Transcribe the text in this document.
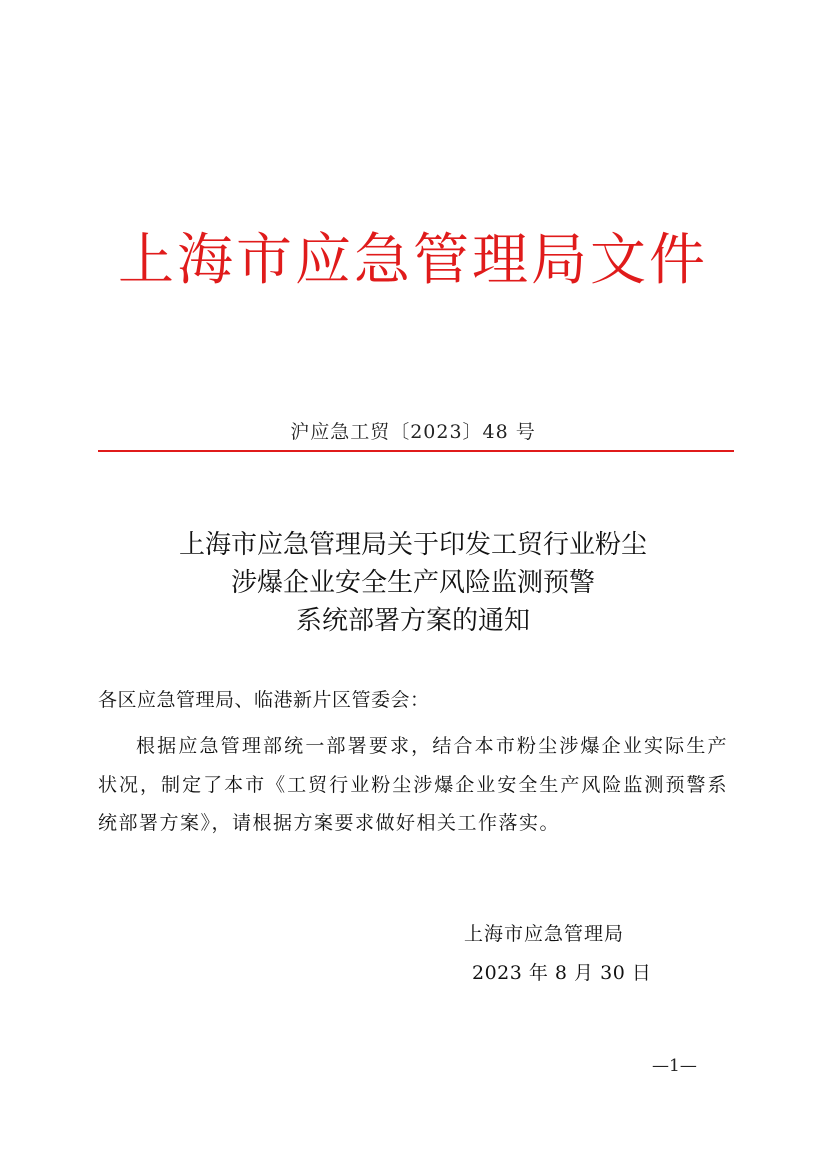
上海市应急管理局文件
沪应急工贸〔2023〕48 号
上海市应急管理局关于印发工贸行业粉尘
涉爆企业安全生产风险监测预警
系统部署方案的通知
各区应急管理局、临港新片区管委会：
根据应急管理部统一部署要求，结合本市粉尘涉爆企业实际生产状况，制定了本市《工贸行业粉尘涉爆企业安全生产风险监测预警系统部署方案》，请根据方案要求做好相关工作落实。
上海市应急管理局
2023 年 8 月 30 日
—1—
